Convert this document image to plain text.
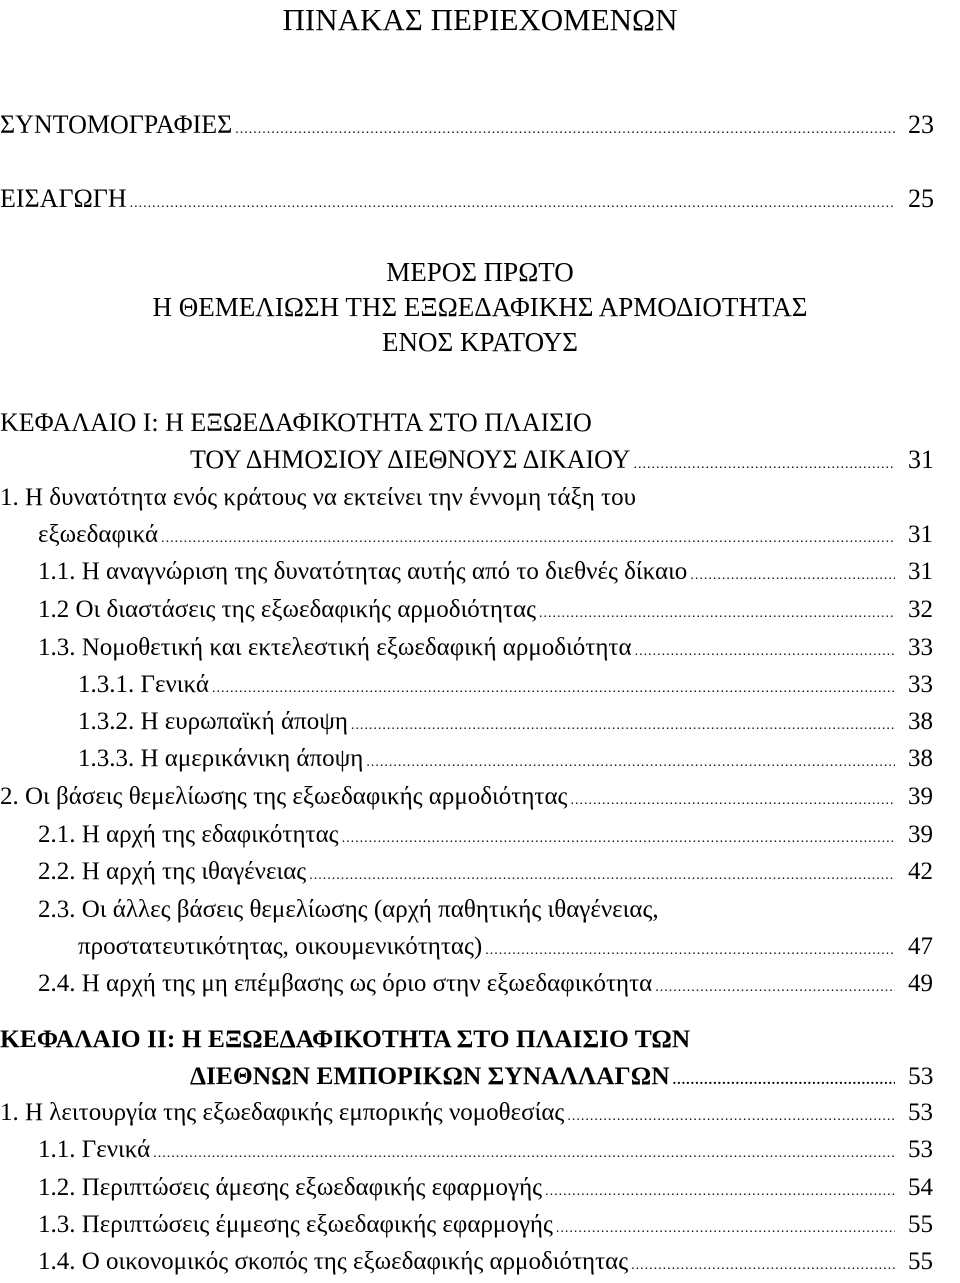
ΠΙΝΑΚΑΣ ΠΕΡΙΕΧΟΜΕΝΩΝ
ΣΥΝΤΟΜΟΓΡΑΦΙΕΣ .....	23
ΕΙΣΑΓΩΓΗ .....	25
ΜΕΡΟΣ ΠΡΩΤΟ
Η ΘΕΜΕΛΙΩΣΗ ΤΗΣ ΕΞΩΕΔΑΦΙΚΗΣ ΑΡΜΟΔΙΟΤΗΤΑΣ
ΕΝΟΣ ΚΡΑΤΟΥΣ
ΚΕΦΑΛΑΙΟ Ι: Η ΕΞΩΕΔΑΦΙΚΟΤΗΤΑ ΣΤΟ ΠΛΑΙΣΙΟ
ΤΟΥ ΔΗΜΟΣΙΟΥ ΔΙΕΘΝΟΥΣ ΔΙΚΑΙΟΥ .....	31
1. Η δυνατότητα ενός κράτους να εκτείνει την έννομη τάξη του
εξωεδαφικά .....	31
1.1. Η αναγνώριση της δυνατότητας αυτής από το διεθνές δίκαιο .....	31
1.2 Οι διαστάσεις της εξωεδαφικής αρμοδιότητας .....	32
1.3. Νομοθετική και εκτελεστική εξωεδαφική αρμοδιότητα .....	33
1.3.1. Γενικά .....	33
1.3.2. Η ευρωπαϊκή άποψη .....	38
1.3.3. Η αμερικάνικη άποψη .....	38
2. Οι βάσεις θεμελίωσης της εξωεδαφικής αρμοδιότητας .....	39
2.1. Η αρχή της εδαφικότητας .....	39
2.2. Η αρχή της ιθαγένειας .....	42
2.3. Οι άλλες βάσεις θεμελίωσης (αρχή παθητικής ιθαγένειας,
προστατευτικότητας, οικουμενικότητας) .....	47
2.4. Η αρχή της μη επέμβασης ως όριο στην εξωεδαφικότητα .....	49
ΚΕΦΑΛΑΙΟ ΙΙ: Η ΕΞΩΕΔΑΦΙΚΟΤΗΤΑ ΣΤΟ ΠΛΑΙΣΙΟ ΤΩΝ
ΔΙΕΘΝΩΝ ΕΜΠΟΡΙΚΩΝ ΣΥΝΑΛΛΑΓΩΝ .....	53
1. Η λειτουργία της εξωεδαφικής εμπορικής νομοθεσίας .....	53
1.1. Γενικά .....	53
1.2. Περιπτώσεις άμεσης εξωεδαφικής εφαρμογής .....	54
1.3. Περιπτώσεις έμμεσης εξωεδαφικής εφαρμογής .....	55
1.4. Ο οικονομικός σκοπός της εξωεδαφικής αρμοδιότητας .....	55
